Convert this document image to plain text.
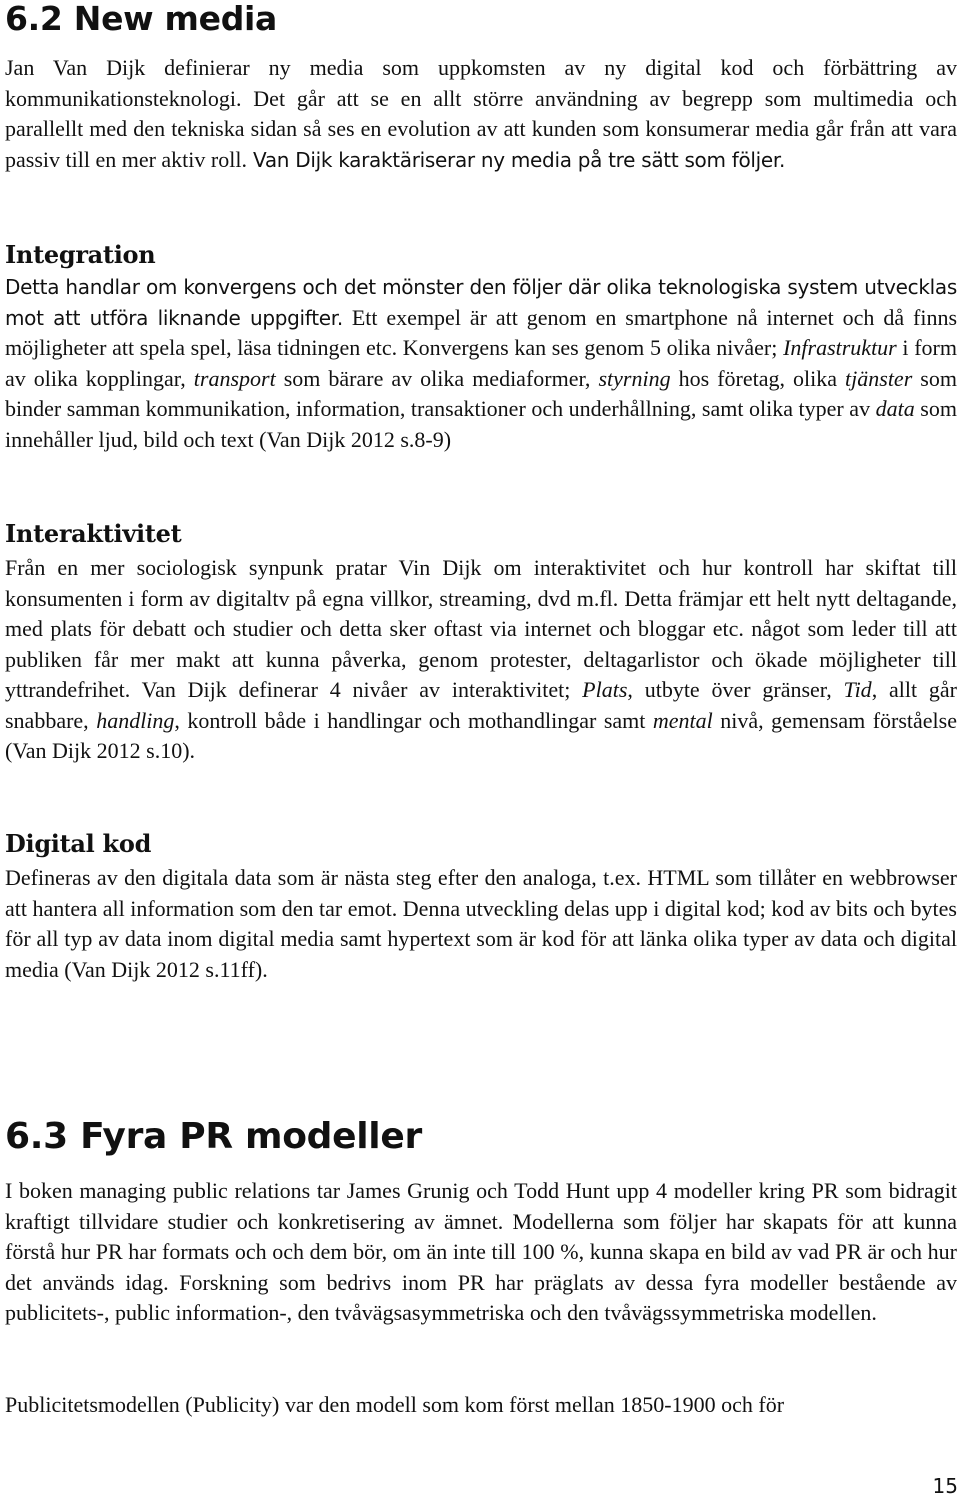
6.2 New media

Jan Van Dijk definierar ny media som uppkomsten av ny digital kod och förbättring av kommunikationsteknologi. Det går att se en allt större användning av begrepp som multimedia och parallellt med den tekniska sidan så ses en evolution av att kunden som konsumerar media går från att vara passiv till en mer aktiv roll. Van Dijk karaktäriserar ny media på tre sätt som följer.

Integration

Detta handlar om konvergens och det mönster den följer där olika teknologiska system utvecklas mot att utföra liknande uppgifter. Ett exempel är att genom en smartphone nå internet och då finns möjligheter att spela spel, läsa tidningen etc. Konvergens kan ses genom 5 olika nivåer; Infrastruktur i form av olika kopplingar, transport som bärare av olika mediaformer, styrning hos företag, olika tjänster som binder samman kommunikation, information, transaktioner och underhållning, samt olika typer av data som innehåller ljud, bild och text (Van Dijk 2012 s.8-9)

Interaktivitet

Från en mer sociologisk synpunk pratar Vin Dijk om interaktivitet och hur kontroll har skiftat till konsumenten i form av digitaltv på egna villkor, streaming, dvd m.fl. Detta främjar ett helt nytt deltagande, med plats för debatt och studier och detta sker oftast via internet och bloggar etc. något som leder till att publiken får mer makt att kunna påverka, genom protester, deltagarlistor och ökade möjligheter till yttrandefrihet. Van Dijk definerar 4 nivåer av interaktivitet; Plats, utbyte över gränser, Tid, allt går snabbare, handling, kontroll både i handlingar och mothandlingar samt mental nivå, gemensam förståelse (Van Dijk 2012 s.10).

Digital kod

Defineras av den digitala data som är nästa steg efter den analoga, t.ex. HTML som tillåter en webbrowser att hantera all information som den tar emot. Denna utveckling delas upp i digital kod; kod av bits och bytes för all typ av data inom digital media samt hypertext som är kod för att länka olika typer av data och digital media (Van Dijk 2012 s.11ff).

6.3 Fyra PR modeller

I boken managing public relations tar James Grunig och Todd Hunt upp 4 modeller kring PR som bidragit kraftigt tillvidare studier och konkretisering av ämnet. Modellerna som följer har skapats för att kunna förstå hur PR har formats och och dem bör, om än inte till 100 %, kunna skapa en bild av vad PR är och hur det används idag. Forskning som bedrivs inom PR har präglats av dessa fyra modeller bestående av publicitets-, public information-, den tvåvägsasymmetriska och den tvåvägssymmetriska modellen.

Publicitetsmodellen (Publicity) var den modell som kom först mellan 1850-1900 och för

15
